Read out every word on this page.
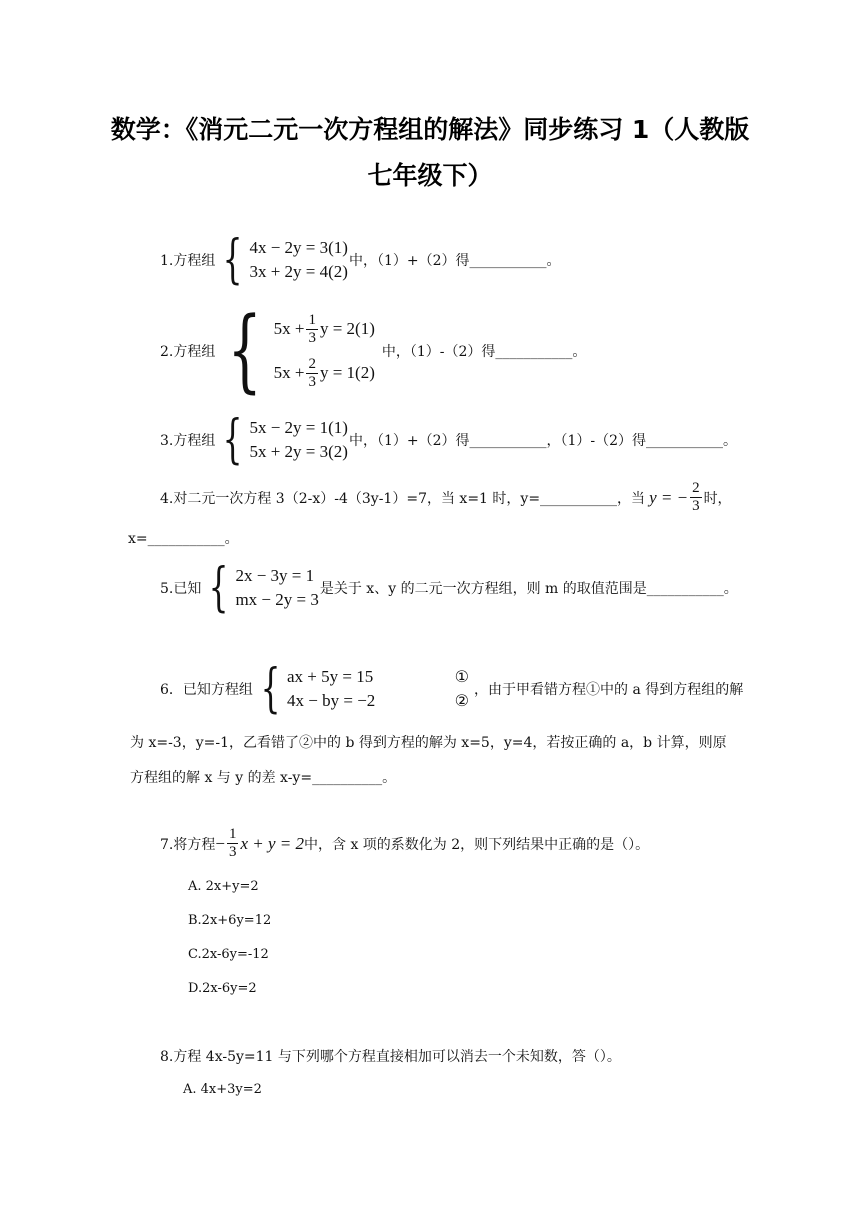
数学：《消元二元一次方程组的解法》同步练习 1（人教版
七年级下）
1.方程组 { 4x − 2y = 3(1)
3x + 2y = 4(2)
中，（1）+（2）得___________。
2.方程组 { $5x + \frac{1}{3}$ y = 2(1)
$5x + \frac{2}{3}$ y = 1(2)
中，（1）-（2）得___________。
3.方程组 { 5x − 2y = 1(1)
5x + 2y = 3(2)
中，（1）+（2）得___________，（1）-（2）得___________。
4.对二元一次方程 3（2-x）-4（3y-1）=7，当 x=1 时，y=___________，当 y = − $\frac{2}{3}$ 时，
x=___________。
5.已知 { 2x − 3y = 1
mx − 2y = 3
是关于 x、y 的二元一次方程组，则 m 的取值范围是___________。
6．已知方程组 { ax + 5y = 15	①
4x − by = −2	②
，由于甲看错方程①中的 a 得到方程组的解
为 x=-3，y=-1，乙看错了②中的 b 得到方程的解为 x=5，y=4，若按正确的 a，b 计算，则原
方程组的解 x 与 y 的差 x-y=__________。
7.将方程 − $\frac{1}{3}$ x + y = 2 中，含 x 项的系数化为 2，则下列结果中正确的是（）。
A. 2x+y=2
B.2x+6y=12
C.2x-6y=-12
D.2x-6y=2
8.方程 4x-5y=11 与下列哪个方程直接相加可以消去一个未知数，答（）。
A. 4x+3y=2
